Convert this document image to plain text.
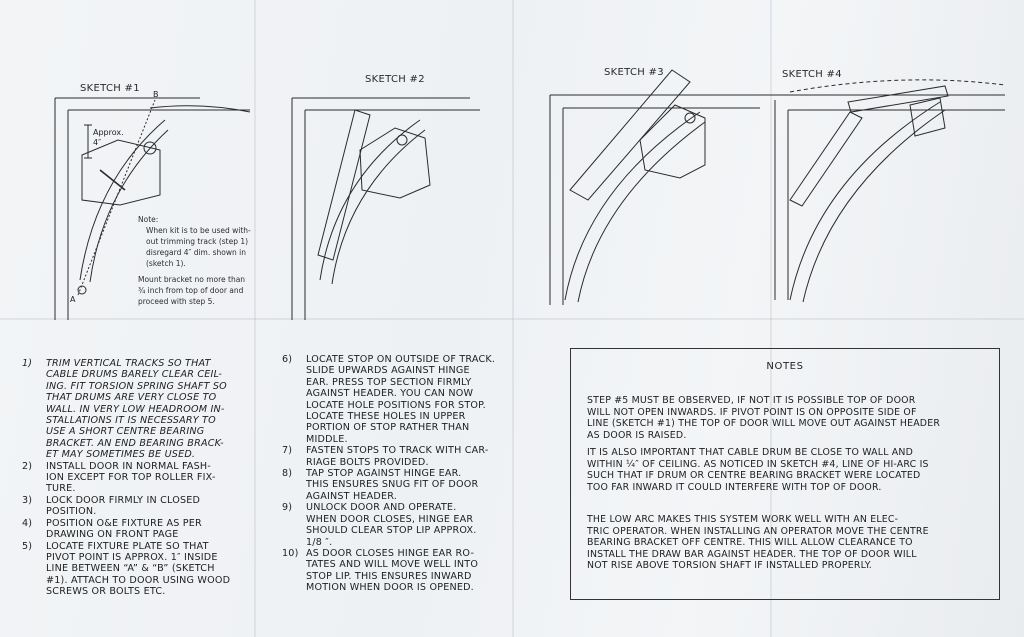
SKETCH #1
SKETCH #2
SKETCH #3	SKETCH #4
B
A
Approx.
4″
Note:
When kit is to be used with-
out trimming track (step 1)
disregard 4″ dim. shown in
(sketch 1).
Mount bracket no more than
¾ inch from top of door and
proceed with step 5.
1)	TRIM VERTICAL TRACKS SO THAT
CABLE DRUMS BARELY CLEAR CEIL-
ING. FIT TORSION SPRING SHAFT SO
THAT DRUMS ARE VERY CLOSE TO
WALL. IN VERY LOW HEADROOM IN-
STALLATIONS IT IS NECESSARY TO
USE A SHORT CENTRE BEARING
BRACKET. AN END BEARING BRACK-
ET MAY SOMETIMES BE USED.
2)	INSTALL DOOR IN NORMAL FASH-
ION EXCEPT FOR TOP ROLLER FIX-
TURE.
3)	LOCK DOOR FIRMLY IN CLOSED
POSITION.
4)	POSITION O&E FIXTURE AS PER
DRAWING ON FRONT PAGE
5)	LOCATE FIXTURE PLATE SO THAT
PIVOT POINT IS APPROX. 1″ INSIDE
LINE BETWEEN “A” & “B” (SKETCH
#1). ATTACH TO DOOR USING WOOD
SCREWS OR BOLTS ETC.
6)	LOCATE STOP ON OUTSIDE OF TRACK.
SLIDE UPWARDS AGAINST HINGE
EAR. PRESS TOP SECTION FIRMLY
AGAINST HEADER. YOU CAN NOW
LOCATE HOLE POSITIONS FOR STOP.
LOCATE THESE HOLES IN UPPER
PORTION OF STOP RATHER THAN
MIDDLE.
7)	FASTEN STOPS TO TRACK WITH CAR-
RIAGE BOLTS PROVIDED.
8)	TAP STOP AGAINST HINGE EAR.
THIS ENSURES SNUG FIT OF DOOR
AGAINST HEADER.
9)	UNLOCK DOOR AND OPERATE.
WHEN DOOR CLOSES, HINGE EAR
SHOULD CLEAR STOP LIP APPROX.
1/8 ″.
10) AS DOOR CLOSES HINGE EAR RO-
TATES AND WILL MOVE WELL INTO
STOP LIP. THIS ENSURES INWARD
MOTION WHEN DOOR IS OPENED.
NOTES
STEP #5 MUST BE OBSERVED, IF NOT IT IS POSSIBLE TOP OF DOOR
WILL NOT OPEN INWARDS. IF PIVOT POINT IS ON OPPOSITE SIDE OF
LINE (SKETCH #1) THE TOP OF DOOR WILL MOVE OUT AGAINST HEADER
AS DOOR IS RAISED.
IT IS ALSO IMPORTANT THAT CABLE DRUM BE CLOSE TO WALL AND
WITHIN ¼″ OF CEILING. AS NOTICED IN SKETCH #4, LINE OF HI-ARC IS
SUCH THAT IF DRUM OR CENTRE BEARING BRACKET WERE LOCATED
TOO FAR INWARD IT COULD INTERFERE WITH TOP OF DOOR.
THE LOW ARC MAKES THIS SYSTEM WORK WELL WITH AN ELEC-
TRIC OPERATOR. WHEN INSTALLING AN OPERATOR MOVE THE CENTRE
BEARING BRACKET OFF CENTRE. THIS WILL ALLOW CLEARANCE TO
INSTALL THE DRAW BAR AGAINST HEADER. THE TOP OF DOOR WILL
NOT RISE ABOVE TORSION SHAFT IF INSTALLED PROPERLY.
